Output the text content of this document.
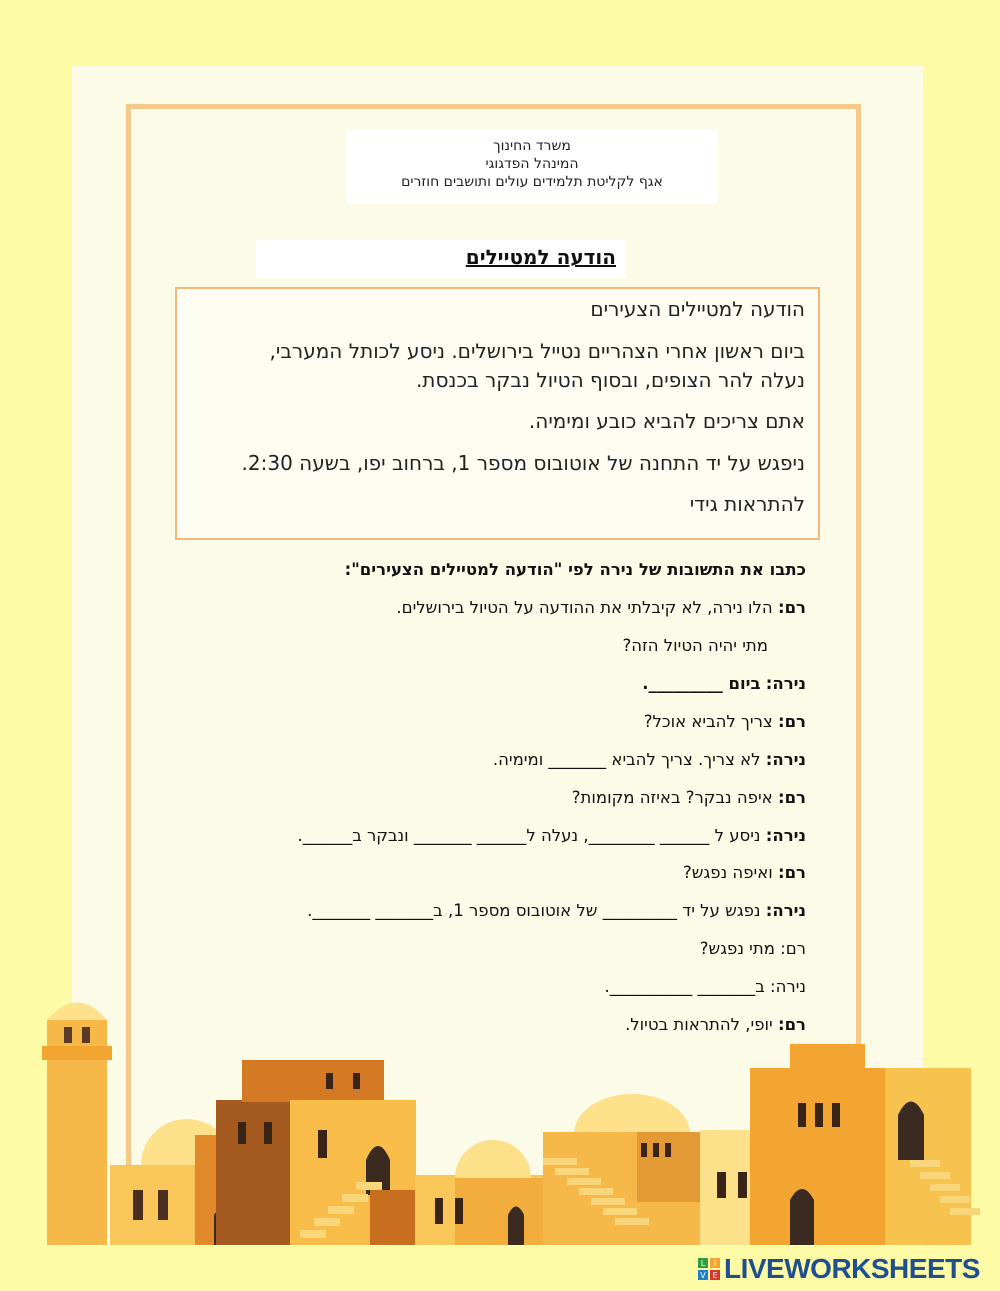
משרד החינוך
המינהל הפדגוגי
אגף לקליטת תלמידים עולים ותושבים חוזרים
הודעה למטיילים
הודעה למטיילים הצעירים
ביום ראשון אחרי הצהריים נטייל בירושלים. ניסע לכותל המערבי,
נעלה להר הצופים, ובסוף הטיול נבקר בכנסת.
אתם צריכים להביא כובע ומימיה.
ניפגש על יד התחנה של אוטובוס מספר 1, ברחוב יפו, בשעה 2:30.
להתראות גידי
כתבו את התשובות של נירה לפי "הודעה למטיילים הצעירים":
רם: הלו נירה, לא קיבלתי את ההודעה על הטיול בירושלים.
מתי יהיה הטיול הזה?
נירה: ביום _________.
רם: צריך להביא אוכל?
נירה: לא צריך. צריך להביא _______ ומימיה.
רם: איפה נבקר? באיזה מקומות?
נירה: ניסע ל ______ ________, נעלה ל______ _______ ונבקר ב______.
רם: ואיפה נפגש?
נירה: נפגש על יד _________ של אוטובוס מספר 1, ב_______ _______.
רם: מתי נפגש?
נירה: ב_______ __________.
רם: יופי, להתראות בטיול.
L I
V E LIVEWORKSHEETS
